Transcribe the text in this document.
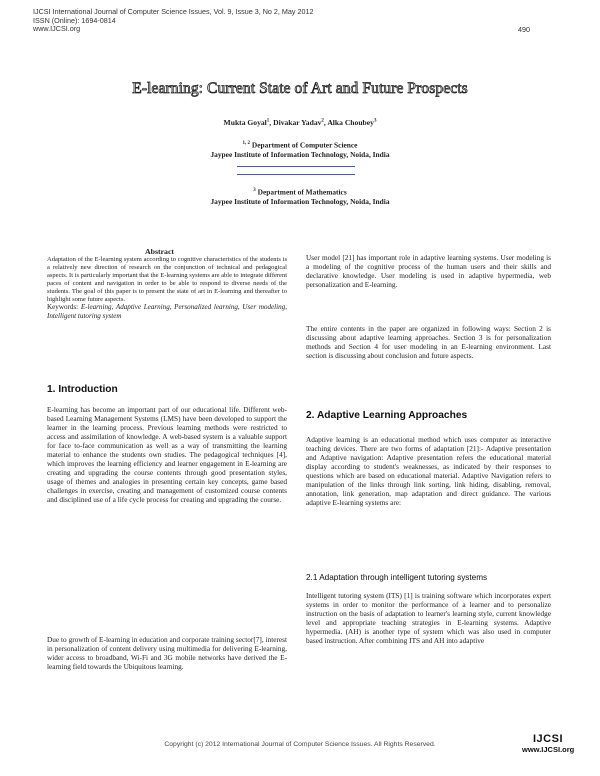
IJCSI International Journal of Computer Science Issues, Vol. 9, Issue 3, No 2, May 2012
ISSN (Online): 1694-0814
www.IJCSI.org	490
E-learning: Current State of Art and Future Prospects
Mukta Goyal$^1$, Divakar Yadav$^2$, Alka Choubey$^3$
$^{1, 2}$ Department of Computer Science
Jaypee Institute of Information Technology, Noida, India
$^3$ Department of Mathematics
Jaypee Institute of Information Technology, Noida, India
Abstract

Adaptation of the E-learning system according to cognitive characteristics of the students is a relatively new direction of research on the conjunction of technical and pedagogical aspects. It is particularly important that the E-learning systems are able to integrate different paces of content and navigation in order to be able to respond to diverse needs of the students. The goal of this paper is to present the state of art in E-learning and thereafter to highlight some future aspects.

Keywords: E-learning, Adaptive Learning, Personalized learning, User modeling, Intelligent tutoring system

1. Introduction
E-learning has become an important part of our educational life. Different web-based Learning Management Systems (LMS) have been developed to support the learner in the learning process. Previous learning methods were restricted to access and assimilation of knowledge. A web-based system is a valuable support for face to-face communication as well as a way of transmitting the learning material to enhance the students own studies. The pedagogical techniques [4], which improves the learning efficiency and learner engagement in E-learning are creating and upgrading the course contents through good presentation styles, usage of themes and analogies in presenting certain key concepts, game based challenges in exercise, creating and management of customized course contents and disciplined use of a life cycle process for creating and upgrading the course.
Due to growth of E-learning in education and corporate training sector[7], interest in personalization of content delivery using multimedia for delivering E-learning, wider access to broadband, Wi-Fi and 3G mobile networks have derived the E-learning field towards the Ubiquitous learning.
User model [21] has important role in adaptive learning systems. User modeling is a modeling of the cognitive process of the human users and their skills and declarative knowledge. User modeling is used in adaptive hypermedia, web personalization and E-learning.
The entire contents in the paper are organized in following ways: Section 2 is discussing about adaptive learning approaches. Section 3 is for personalization methods and Section 4 for user modeling in an E-learning environment. Last section is discussing about conclusion and future aspects.
2. Adaptive Learning Approaches
Adaptive learning is an educational method which uses computer as interactive teaching devices. There are two forms of adaptation [21]:- Adaptive presentation and Adaptive navigation: Adaptive presentation refers the educational material display according to student's weaknesses, as indicated by their responses to questions which are based on educational material. Adaptive Navigation refers to manipulation of the links through link sorting, link hiding, disabling, removal, annotation, link generation, map adaptation and direct guidance. The various adaptive E-learning systems are:
2.1 Adaptation through intelligent tutoring systems
Intelligent tutoring system (ITS) [1] is training software which incorporates expert systems in order to monitor the performance of a learner and to personalize instruction on the basis of adaptation to learner's learning style, current knowledge level and appropriate teaching strategies in E-learning systems. Adaptive hypermedia. (AH) is another type of system which was also used in computer based instruction. After combining ITS and AH into adaptive
Copyright (c) 2012 International Journal of Computer Science Issues. All Rights Reserved.	IJCSI
www.IJCSI.org
